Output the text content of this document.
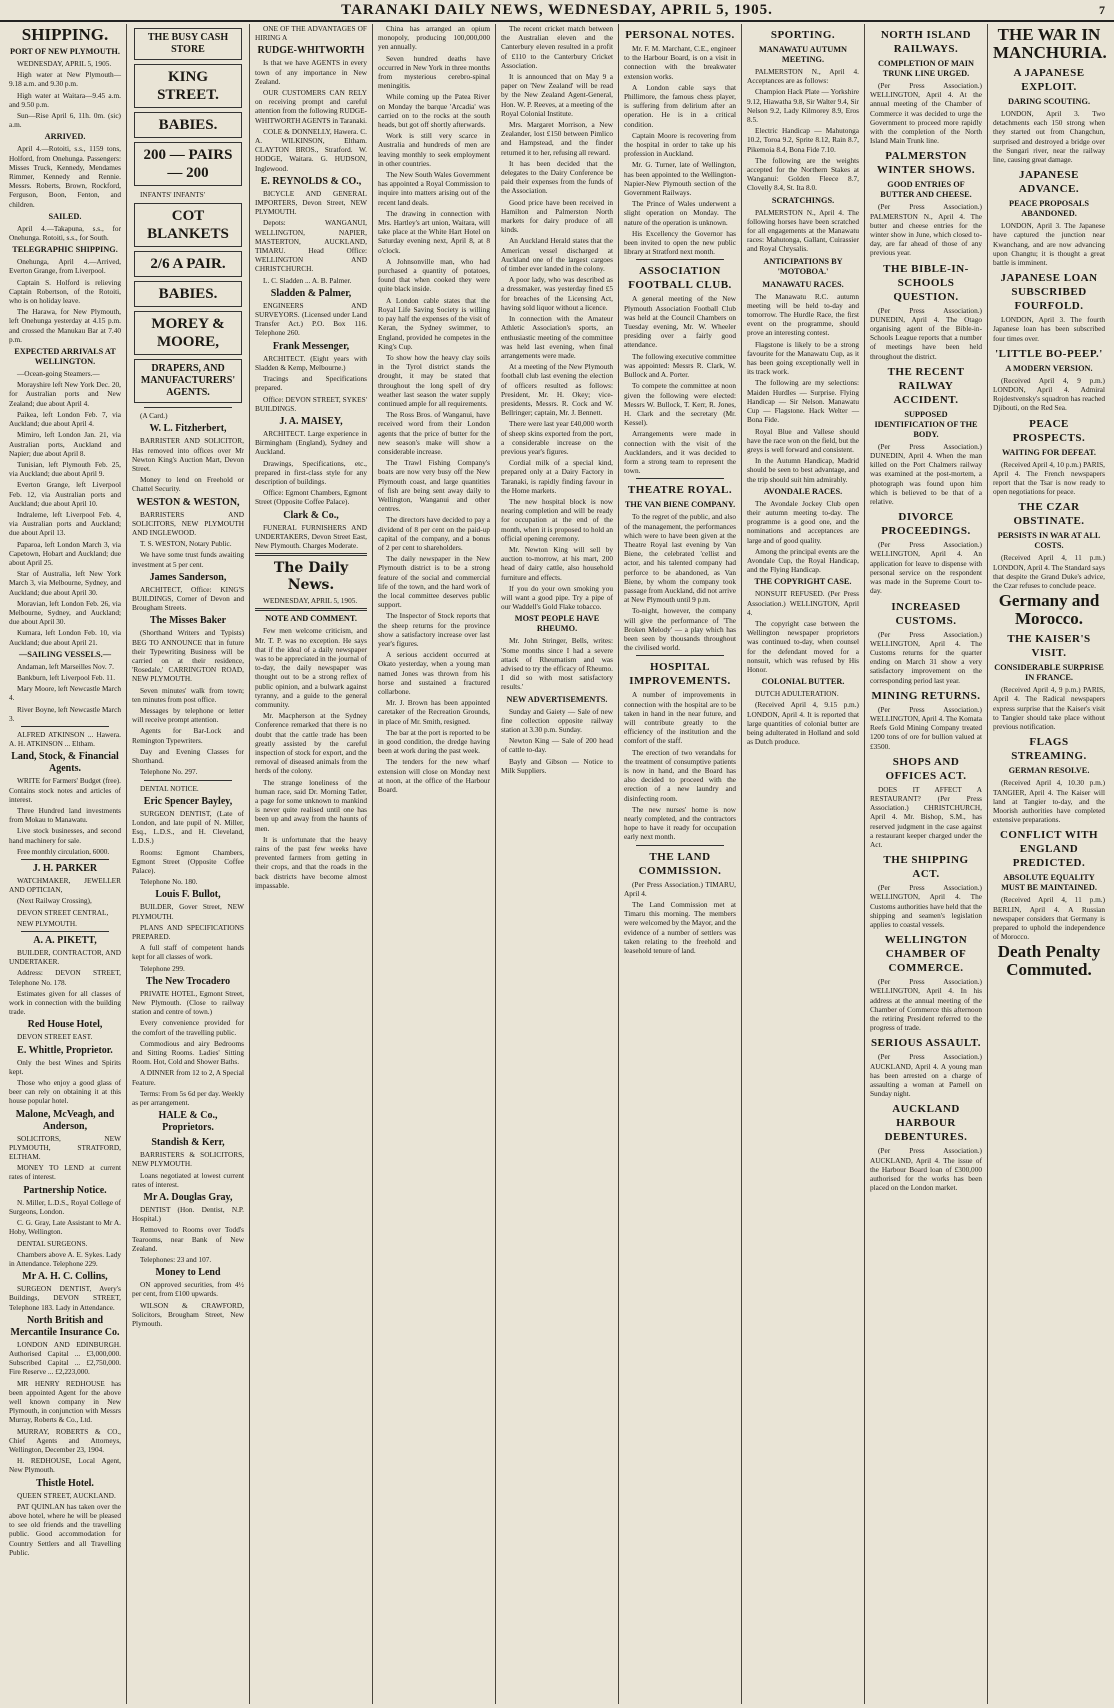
TARANAKI DAILY NEWS, WEDNESDAY, APRIL 5, 1905.	7
SHIPPING.
PORT OF NEW PLYMOUTH.

WEDNESDAY, APRIL 5, 1905.

High water at New Plymouth—9.18 a.m. and 9.30 p.m.

High water at Waitara—9.45 a.m. and 9.50 p.m.

Sun—Rise April 6, 11h. 0m. (sic) a.m.

ARRIVED.

April 4.—Rotoiti, s.s., 1159 tons, Holford, from Onehunga. Passengers: Misses Truck, Kennedy, Mendames Rimmer, Kennedy and Rennie. Messrs. Roberts, Brown, Rockford, Ferguson, Boon, Fenton, and children.

SAILED.

April 4.—Takapuna, s.s., for Onehunga. Rotoiti, s.s., for South.

TELEGRAPHIC SHIPPING.

Onehunga, April 4.—Arrived, Everton Grange, from Liverpool.

Captain S. Holford is relieving Captain Robertson, of the Rotoiti, who is on holiday leave.

The Harawa, for New Plymouth, left Onehunga yesterday at 4.15 p.m. and crossed the Manukau Bar at 7.40 p.m.

EXPECTED ARRIVALS AT WELLINGTON.

—Ocean-going Steamers.—

Morayshire left New York Dec. 20, for Australian ports and New Zealand; due about April 4.

Paikea, left London Feb. 7, via Auckland; due about April 4.

Mimiro, left London Jan. 21, via Australian ports, Auckland and Napier; due about April 8.

Tunisian, left Plymouth Feb. 25, via Auckland; due about April 9.

Everton Grange, left Liverpool Feb. 12, via Australian ports and Auckland; due about April 10.

Indraleme, left Liverpool Feb. 4, via Australian ports and Auckland; due about April 13.

Paparoa, left London March 3, via Capetown, Hobart and Auckland; due about April 25.

Star of Australia, left New York March 3, via Melbourne, Sydney, and Auckland; due about April 30.

Moravian, left London Feb. 26, via Melbourne, Sydney, and Auckland; due about April 30.

Kumara, left London Feb. 10, via Auckland; due about April 21.

—SAILING VESSELS.—

Andaman, left Marseilles Nov. 7.

Bankburn, left Liverpool Feb. 11.

Mary Moore, left Newcastle March 4.

River Boyne, left Newcastle March 3.

ALFRED ATKINSON ... Hawera. A. H. ATKINSON ... Eltham.

Land, Stock, & Financial Agents.

WRITE for Farmers' Budget (free). Contains stock notes and articles of interest.

Three Hundred land investments from Mokau to Manawatu.

Live stock businesses, and second hand machinery for sale.

Free monthly circulation, 6000.

J. H. PARKER

WATCHMAKER, JEWELLER AND OPTICIAN,

(Next Railway Crossing),

DEVON STREET CENTRAL,

NEW PLYMOUTH.

A. A. PIKETT,

BUILDER, CONTRACTOR, AND UNDERTAKER.

Address: DEVON STREET, Telephone No. 178.

Estimates given for all classes of work in connection with the building trade.

Red House Hotel,

DEVON STREET EAST.

E. Whittle, Proprietor.

Only the best Wines and Spirits kept.

Those who enjoy a good glass of beer can rely on obtaining it at this house popular hotel.

Malone, McVeagh, and Anderson,

SOLICITORS, NEW PLYMOUTH, STRATFORD, ELTHAM.

MONEY TO LEND at current rates of interest.

Partnership Notice.

N. Miller, L.D.S., Royal College of Surgeons, London.

C. G. Gray, Late Assistant to Mr A. Hoby, Wellington.

DENTAL SURGEONS.

Chambers above A. E. Sykes. Lady in Attendance. Telephone 229.

Mr A. H. C. Collins,

SURGEON DENTIST, Avery's Buildings, DEVON STREET, Telephone 183. Lady in Attendance.

North British and Mercantile Insurance Co.

LONDON AND EDINBURGH. Authorised Capital ... £3,000,000. Subscribed Capital ... £2,750,000. Fire Reserve ... £2,223,000.

MR HENRY REDHOUSE has been appointed Agent for the above well known company in New Plymouth, in conjunction with Messrs Murray, Roberts & Co., Ltd.

MURRAY, ROBERTS & CO., Chief Agents and Attorneys, Wellington, December 23, 1904.

H. REDHOUSE, Local Agent, New Plymouth.

Thistle Hotel.

QUEEN STREET, AUCKLAND.

PAT QUINLAN has taken over the above hotel, where he will be pleased to see old friends and the travelling public. Good accommodation for Country Settlers and all Travelling Public.

THE BUSY CASH STORE
KING STREET.
BABIES.
200 — PAIRS — 200

INFANTS' INFANTS'

COT BLANKETS
2/6 A PAIR.
BABIES.
MOREY & MOORE,
DRAPERS, AND MANUFACTURERS' AGENTS.

(A Card.)

W. L. Fitzherbert,

BARRISTER AND SOLICITOR, Has removed into offices over Mr Newton King's Auction Mart, Devon Street.

Money to lend on Freehold or Chattel Security.

WESTON & WESTON,

BARRISTERS AND SOLICITORS, NEW PLYMOUTH AND INGLEWOOD.

T. S. WESTON, Notary Public.

We have some trust funds awaiting investment at 5 per cent.

James Sanderson,

ARCHITECT, Office: KING'S BUILDINGS, Corner of Devon and Brougham Streets.

The Misses Baker

(Shorthand Writers and Typists) BEG TO ANNOUNCE that in future their Typewriting Business will be carried on at their residence, 'Rosedale,' CARRINGTON ROAD, NEW PLYMOUTH.

Seven minutes' walk from town; ten minutes from post office.

Messages by telephone or letter will receive prompt attention.

Agents for Bar-Lock and Remington Typewriters.

Day and Evening Classes for Shorthand.

Telephone No. 297.

DENTAL NOTICE.

Eric Spencer Bayley,

SURGEON DENTIST, (Late of London, and late pupil of N. Miller, Esq., L.D.S., and H. Cleveland, L.D.S.)

Rooms: Egmont Chambers, Egmont Street (Opposite Coffee Palace).

Telephone No. 180.

Louis F. Bullot,

BUILDER, Gover Street, NEW PLYMOUTH.

PLANS AND SPECIFICATIONS PREPARED.

A full staff of competent hands kept for all classes of work.

Telephone 299.

The New Trocadero

PRIVATE HOTEL, Egmont Street, New Plymouth. (Close to railway station and centre of town.)

Every convenience provided for the comfort of the travelling public.

Commodious and airy Bedrooms and Sitting Rooms. Ladies' Sitting Room. Hot, Cold and Shower Baths.

A DINNER from 12 to 2, A Special Feature.

Terms: From 5s 6d per day. Weekly as per arrangement.

HALE & Co., Proprietors.
Standish & Kerr,

BARRISTERS & SOLICITORS, NEW PLYMOUTH.

Loans negotiated at lowest current rates of interest.

Mr A. Douglas Gray,

DENTIST (Hon. Dentist, N.P. Hospital.)

Removed to Rooms over Todd's Tearooms, near Bank of New Zealand.

Telephones: 23 and 107.

Money to Lend

ON approved securities, from 4½ per cent, from £100 upwards.

WILSON & CRAWFORD, Solicitors, Brougham Street, New Plymouth.

ONE OF THE ADVANTAGES OF HIRING A

RUDGE-WHITWORTH

Is that we have AGENTS in every town of any importance in New Zealand.

OUR CUSTOMERS CAN RELY on receiving prompt and careful attention from the following RUDGE-WHITWORTH AGENTS in Taranaki.

COLE & DONNELLY, Hawera. C. A. WILKINSON, Eltham. CLAYTON BROS., Stratford. W. HODGE, Waitara. G. HUDSON, Inglewood.

E. REYNOLDS & CO.,

BICYCLE AND GENERAL IMPORTERS, Devon Street, NEW PLYMOUTH.

Depots: WANGANUI, WELLINGTON, NAPIER, MASTERTON, AUCKLAND, TIMARU. Head Office: WELLINGTON AND CHRISTCHURCH.

L. C. Sladden ... A. B. Palmer.

Sladden & Palmer,

ENGINEERS AND SURVEYORS. (Licensed under Land Transfer Act.) P.O. Box 116. Telephone 260.

Frank Messenger,

ARCHITECT. (Eight years with Sladden & Kemp, Melbourne.)

Tracings and Specifications prepared.

Office: DEVON STREET, SYKES' BUILDINGS.

J. A. MAISEY,

ARCHITECT. Large experience in Birmingham (England), Sydney and Auckland.

Drawings, Specifications, etc., prepared in first-class style for any description of buildings.

Office: Egmont Chambers, Egmont Street (Opposite Coffee Palace).

Clark & Co.,

FUNERAL FURNISHERS AND UNDERTAKERS, Devon Street East, New Plymouth. Charges Moderate.

The Daily News.

WEDNESDAY, APRIL 5, 1905.

NOTE AND COMMENT.

Few men welcome criticism, and Mr. T. P. was no exception. He says that if the ideal of a daily newspaper was to be appreciated in the journal of to-day, the daily newspaper was thought out to be a strong reflex of public opinion, and a bulwark against tyranny, and a guide to the general community.

Mr. Macpherson at the Sydney Conference remarked that there is no doubt that the cattle trade has been greatly assisted by the careful inspection of stock for export, and the removal of diseased animals from the herds of the colony.

The strange loneliness of the human race, said Dr. Morning Tatler, a page for some unknown to mankind is never quite realised until one has been up and away from the haunts of men.

It is unfortunate that the heavy rains of the past few weeks have prevented farmers from getting in their crops, and that the roads in the back districts have become almost impassable.

China has arranged an opium monopoly, producing 100,000,000 yen annually.

Seven hundred deaths have occurred in New York in three months from mysterious cerebro-spinal meningitis.

While coming up the Patea River on Monday the barque 'Arcadia' was carried on to the rocks at the south heads, but got off shortly afterwards.

Work is still very scarce in Australia and hundreds of men are leaving monthly to seek employment in other countries.

The New South Wales Government has appointed a Royal Commission to inquire into matters arising out of the recent land deals.

The drawing in connection with Mrs. Hartley's art union, Waitara, will take place at the White Hart Hotel on Saturday evening next, April 8, at 8 o'clock.

A Johnsonville man, who had purchased a quantity of potatoes, found that when cooked they were quite black inside.

A London cable states that the Royal Life Saving Society is willing to pay half the expenses of the visit of Keran, the Sydney swimmer, to England, provided he competes in the King's Cup.

To show how the heavy clay soils in the Tyrol district stands the drought, it may be stated that throughout the long spell of dry weather last season the water supply continued ample for all requirements.

The Ross Bros. of Wanganui, have received word from their London agents that the price of butter for the new season's make will show a considerable increase.

The Trawl Fishing Company's boats are now very busy off the New Plymouth coast, and large quantities of fish are being sent away daily to Wellington, Wanganui and other centres.

The directors have decided to pay a dividend of 8 per cent on the paid-up capital of the company, and a bonus of 2 per cent to shareholders.

The daily newspaper in the New Plymouth district is to be a strong feature of the social and commercial life of the town, and the hard work of the local committee deserves public support.

The Inspector of Stock reports that the sheep returns for the province show a satisfactory increase over last year's figures.

A serious accident occurred at Okato yesterday, when a young man named Jones was thrown from his horse and sustained a fractured collarbone.

Mr. J. Brown has been appointed caretaker of the Recreation Grounds, in place of Mr. Smith, resigned.

The bar at the port is reported to be in good condition, the dredge having been at work during the past week.

The tenders for the new wharf extension will close on Monday next at noon, at the office of the Harbour Board.

The recent cricket match between the Australian eleven and the Canterbury eleven resulted in a profit of £110 to the Canterbury Cricket Association.

It is announced that on May 9 a paper on 'New Zealand' will be read by the New Zealand Agent-General, Hon. W. P. Reeves, at a meeting of the Royal Colonial Institute.

Mrs. Margaret Morrison, a New Zealander, lost £150 between Pimlico and Hampstead, and the finder returned it to her, refusing all reward.

It has been decided that the delegates to the Dairy Conference be paid their expenses from the funds of the Association.

Good price have been received in Hamilton and Palmerston North markets for dairy produce of all kinds.

An Auckland Herald states that the American vessel discharged at Auckland one of the largest cargoes of timber ever landed in the colony.

A poor lady, who was described as a dressmaker, was yesterday fined £5 for breaches of the Licensing Act, having sold liquor without a licence.

In connection with the Amateur Athletic Association's sports, an enthusiastic meeting of the committee was held last evening, when final arrangements were made.

At a meeting of the New Plymouth football club last evening the election of officers resulted as follows: President, Mr. H. Okey; vice-presidents, Messrs. R. Cock and W. Bellringer; captain, Mr. J. Bennett.

There were last year £40,000 worth of sheep skins exported from the port, a considerable increase on the previous year's figures.

Cordial milk of a special kind, prepared only at a Dairy Factory in Taranaki, is rapidly finding favour in the Home markets.

The new hospital block is now nearing completion and will be ready for occupation at the end of the month, when it is proposed to hold an official opening ceremony.

Mr. Newton King will sell by auction to-morrow, at his mart, 200 head of dairy cattle, also household furniture and effects.

If you do your own smoking you will want a good pipe. Try a pipe of our Waddell's Gold Flake tobacco.

MOST PEOPLE HAVE RHEUMO.

Mr. John Stringer, Bells, writes: 'Some months since I had a severe attack of Rheumatism and was advised to try the efficacy of Rheumo. I did so with most satisfactory results.'

NEW ADVERTISEMENTS.

Sunday and Gaiety — Sale of new fine collection opposite railway station at 3.30 p.m. Sunday.

Newton King — Sale of 200 head of cattle to-day.

Bayly and Gibson — Notice to Milk Suppliers.

PERSONAL NOTES.

Mr. F. M. Marchant, C.E., engineer to the Harbour Board, is on a visit in connection with the breakwater extension works.

A London cable says that Phillimore, the famous chess player, is suffering from delirium after an operation. He is in a critical condition.

Captain Moore is recovering from the hospital in order to take up his profession in Auckland.

Mr. G. Turner, late of Wellington, has been appointed to the Wellington-Napier-New Plymouth section of the Government Railways.

The Prince of Wales underwent a slight operation on Monday. The nature of the operation is unknown.

His Excellency the Governor has been invited to open the new public library at Stratford next month.

ASSOCIATION FOOTBALL CLUB.

A general meeting of the New Plymouth Association Football Club was held at the Council Chambers on Tuesday evening, Mr. W. Wheeler presiding over a fairly good attendance.

The following executive committee was appointed: Messrs R. Clark, W. Bullock and A. Porter.

To compete the committee at noon given the following were elected: Messrs W. Bullock, T. Kerr, R. Jones, H. Clark and the secretary (Mr. Kessel).

Arrangements were made in connection with the visit of the Aucklanders, and it was decided to form a strong team to represent the town.

THEATRE ROYAL.
THE VAN BIENE COMPANY.

To the regret of the public, and also of the management, the performances which were to have been given at the Theatre Royal last evening by Van Biene, the celebrated 'cellist and actor, and his talented company had perforce to be abandoned, as Van Biene, by whom the company took passage from Auckland, did not arrive at New Plymouth until 9 p.m.

To-night, however, the company will give the performance of 'The Broken Melody' — a play which has been seen by thousands throughout the civilised world.

HOSPITAL IMPROVEMENTS.

A number of improvements in connection with the hospital are to be taken in hand in the near future, and will contribute greatly to the efficiency of the institution and the comfort of the staff.

The erection of two verandahs for the treatment of consumptive patients is now in hand, and the Board has also decided to proceed with the erection of a new laundry and disinfecting room.

The new nurses' home is now nearly completed, and the contractors hope to have it ready for occupation early next month.

THE LAND COMMISSION.

(Per Press Association.) TIMARU, April 4.

The Land Commission met at Timaru this morning. The members were welcomed by the Mayor, and the evidence of a number of settlers was taken relating to the freehold and leasehold tenure of land.

SPORTING.
MANAWATU AUTUMN MEETING.

PALMERSTON N., April 4. Acceptances are as follows:

Champion Hack Plate — Yorkshire 9.12, Hiawatha 9.8, Sir Walter 9.4, Sir Nelson 9.2, Lady Kilmorey 8.9, Eros 8.5.

Electric Handicap — Mahutonga 10.2, Toroa 9.2, Sprite 8.12, Rain 8.7, Pikemoia 8.4, Bona Fide 7.10.

The following are the weights accepted for the Northern Stakes at Wanganui: Golden Fleece 8.7, Clovelly 8.4, St. Ita 8.0.

SCRATCHINGS.

PALMERSTON N., April 4. The following horses have been scratched for all engagements at the Manawatu races: Mahutonga, Gallant, Cuirassier and Royal Chrysalis.

ANTICIPATIONS BY 'MOTOBOA.'
MANAWATU RACES.

The Manawatu R.C. autumn meeting will be held to-day and tomorrow. The Hurdle Race, the first event on the programme, should prove an interesting contest.

Flagstone is likely to be a strong favourite for the Manawatu Cup, as it has been going exceptionally well in its track work.

The following are my selections: Maiden Hurdles — Surprise. Flying Handicap — Sir Nelson. Manawatu Cup — Flagstone. Hack Welter — Bona Fide.

Royal Blue and Vallese should have the race won on the field, but the greys is well forward and consistent.

In the Autumn Handicap, Madrid should be seen to best advantage, and the trip should suit him admirably.

AVONDALE RACES.

The Avondale Jockey Club open their autumn meeting to-day. The programme is a good one, and the nominations and acceptances are large and of good quality.

Among the principal events are the Avondale Cup, the Royal Handicap, and the Flying Handicap.

THE COPYRIGHT CASE.

NONSUIT REFUSED. (Per Press Association.) WELLINGTON, April 4.

The copyright case between the Wellington newspaper proprietors was continued to-day, when counsel for the defendant moved for a nonsuit, which was refused by His Honor.

COLONIAL BUTTER.

DUTCH ADULTERATION.

(Received April 4, 9.15 p.m.) LONDON, April 4. It is reported that large quantities of colonial butter are being adulterated in Holland and sold as Dutch produce.

NORTH ISLAND RAILWAYS.
COMPLETION OF MAIN TRUNK LINE URGED.

(Per Press Association.) WELLINGTON, April 4. At the annual meeting of the Chamber of Commerce it was decided to urge the Government to proceed more rapidly with the completion of the North Island Main Trunk line.

PALMERSTON WINTER SHOWS.
GOOD ENTRIES OF BUTTER AND CHEESE.

(Per Press Association.) PALMERSTON N., April 4. The butter and cheese entries for the winter show in June, which closed to-day, are far ahead of those of any previous year.

THE BIBLE-IN-SCHOOLS QUESTION.

(Per Press Association.) DUNEDIN, April 4. The Otago organising agent of the Bible-in-Schools League reports that a number of meetings have been held throughout the district.

THE RECENT RAILWAY ACCIDENT.
SUPPOSED IDENTIFICATION OF THE BODY.

(Per Press Association.) DUNEDIN, April 4. When the man killed on the Port Chalmers railway was examined at the post-mortem, a photograph was found upon him which is believed to be that of a relative.

DIVORCE PROCEEDINGS.

(Per Press Association.) WELLINGTON, April 4. An application for leave to dispense with personal service on the respondent was made in the Supreme Court to-day.

INCREASED CUSTOMS.

(Per Press Association.) WELLINGTON, April 4. The Customs returns for the quarter ending on March 31 show a very satisfactory improvement on the corresponding period last year.

MINING RETURNS.

(Per Press Association.) WELLINGTON, April 4. The Komata Reefs Gold Mining Company treated 1200 tons of ore for bullion valued at £3500.

SHOPS AND OFFICES ACT.

DOES IT AFFECT A RESTAURANT? (Per Press Association.) CHRISTCHURCH, April 4. Mr. Bishop, S.M., has reserved judgment in the case against a restaurant keeper charged under the Act.

THE SHIPPING ACT.

(Per Press Association.) WELLINGTON, April 4. The Customs authorities have held that the shipping and seamen's legislation applies to coastal vessels.

WELLINGTON CHAMBER OF COMMERCE.

(Per Press Association.) WELLINGTON, April 4. In his address at the annual meeting of the Chamber of Commerce this afternoon the retiring President referred to the progress of trade.

SERIOUS ASSAULT.

(Per Press Association.) AUCKLAND, April 4. A young man has been arrested on a charge of assaulting a woman at Parnell on Sunday night.

AUCKLAND HARBOUR DEBENTURES.

(Per Press Association.) AUCKLAND, April 4. The issue of the Harbour Board loan of £300,000 authorised for the works has been placed on the London market.

THE WAR IN MANCHURIA.
A JAPANESE EXPLOIT.
DARING SCOUTING.

LONDON, April 3. Two detachments each 150 strong when they started out from Changchun, surprised and destroyed a bridge over the Sungari river, near the railway line, causing great damage.

JAPANESE ADVANCE.
PEACE PROPOSALS ABANDONED.

LONDON, April 3. The Japanese have captured the junction near Kwanchang, and are now advancing upon Changtu; it is thought a great battle is imminent.

JAPANESE LOAN SUBSCRIBED FOURFOLD.

LONDON, April 3. The fourth Japanese loan has been subscribed four times over.

'LITTLE BO-PEEP.'
A MODERN VERSION.

(Received April 4, 9 p.m.) LONDON, April 4. Admiral Rojdestvensky's squadron has reached Djibouti, on the Red Sea.

PEACE PROSPECTS.
WAITING FOR DEFEAT.

(Received April 4, 10 p.m.) PARIS, April 4. The French newspapers report that the Tsar is now ready to open negotiations for peace.

THE CZAR OBSTINATE.
PERSISTS IN WAR AT ALL COSTS.

(Received April 4, 11 p.m.) LONDON, April 4. The Standard says that despite the Grand Duke's advice, the Czar refuses to conclude peace.

Germany and Morocco.
THE KAISER'S VISIT.
CONSIDERABLE SURPRISE IN FRANCE.

(Received April 4, 9 p.m.) PARIS, April 4. The Radical newspapers express surprise that the Kaiser's visit to Tangier should take place without previous notification.

FLAGS STREAMING.
GERMAN RESOLVE.

(Received April 4, 10.30 p.m.) TANGIER, April 4. The Kaiser will land at Tangier to-day, and the Moorish authorities have completed extensive preparations.

CONFLICT WITH ENGLAND PREDICTED.
ABSOLUTE EQUALITY MUST BE MAINTAINED.

(Received April 4, 11 p.m.) BERLIN, April 4. A Russian newspaper considers that Germany is prepared to uphold the independence of Morocco.

Death Penalty Commuted.
